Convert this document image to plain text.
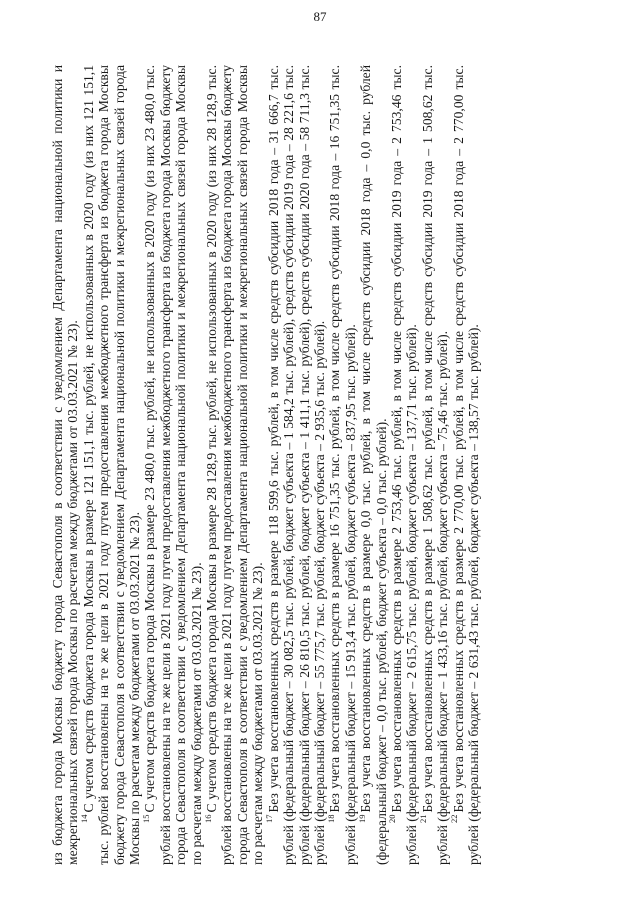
87

из бюджета города Москвы бюджету города Севастополя в соответствии с уведомлением Департамента национальной политики и межрегиональных связей города Москвы по расчетам между бюджетами от 03.03.2021 № 23).

$^{14}$С учетом средств бюджета города Москвы в размере 121 151,1 тыс. рублей, не использованных в 2020 году (из них 121 151,1 тыс. рублей восстановлены на те же цели в 2021 году путем предоставления межбюджетного трансферта из бюджета города Москвы бюджету города Севастополя в соответствии с уведомлением Департамента национальной политики и межрегиональных связей города Москвы по расчетам между бюджетами от 03.03.2021 № 23).

$^{15}$С учетом средств бюджета города Москвы в размере 23 480,0 тыс. рублей, не использованных в 2020 году (из них 23 480,0 тыс. рублей восстановлены на те же цели в 2021 году путем предоставления межбюджетного трансферта из бюджета города Москвы бюджету города Севастополя в соответствии с уведомлением Департамента национальной политики и межрегиональных связей города Москвы по расчетам между бюджетами от 03.03.2021 № 23).

$^{16}$С учетом средств бюджета города Москвы в размере 28 128,9 тыс. рублей, не использованных в 2020 году (из них 28 128,9 тыс. рублей восстановлены на те же цели в 2021 году путем предоставления межбюджетного трансферта из бюджета города Москвы бюджету города Севастополя в соответствии с уведомлением Департамента национальной политики и межрегиональных связей города Москвы по расчетам между бюджетами от 03.03.2021 № 23).

$^{17}$Без учета восстановленных средств в размере 118 599,6 тыс. рублей, в том числе средств субсидии 2018 года – 31 666,7 тыс. рублей (федеральный бюджет – 30 082,5 тыс. рублей, бюджет субъекта – 1 584,2 тыс. рублей), средств субсидии 2019 года – 28 221,6 тыс. рублей (федеральный бюджет – 26 810,5 тыс. рублей, бюджет субъекта – 1 411,1 тыс. рублей), средств субсидии 2020 года – 58 711,3 тыс. рублей (федеральный бюджет – 55 775,7 тыс. рублей, бюджет субъекта – 2 935,6 тыс. рублей).

$^{18}$Без учета восстановленных средств в размере 16 751,35 тыс. рублей, в том числе средств субсидии 2018 года – 16 751,35 тыс. рублей (федеральный бюджет – 15 913,4 тыс. рублей, бюджет субъекта – 837,95 тыс. рублей).

$^{19}$Без учета восстановленных средств в размере 0,0 тыс. рублей, в том числе средств субсидии 2018 года – 0,0 тыс. рублей (федеральный бюджет – 0,0 тыс. рублей, бюджет субъекта – 0,0 тыс. рублей).

$^{20}$Без учета восстановленных средств в размере 2 753,46 тыс. рублей, в том числе средств субсидии 2019 года – 2 753,46 тыс. рублей (федеральный бюджет – 2 615,75 тыс. рублей, бюджет субъекта – 137,71 тыс. рублей).

$^{21}$Без учета восстановленных средств в размере 1 508,62 тыс. рублей, в том числе средств субсидии 2019 года – 1 508,62 тыс. рублей (федеральный бюджет – 1 433,16 тыс. рублей, бюджет субъекта – 75,46 тыс. рублей).

$^{22}$Без учета восстановленных средств в размере 2 770,00 тыс. рублей, в том числе средств субсидии 2018 года – 2 770,00 тыс. рублей (федеральный бюджет – 2 631,43 тыс. рублей, бюджет субъекта – 138,57 тыс. рублей).
